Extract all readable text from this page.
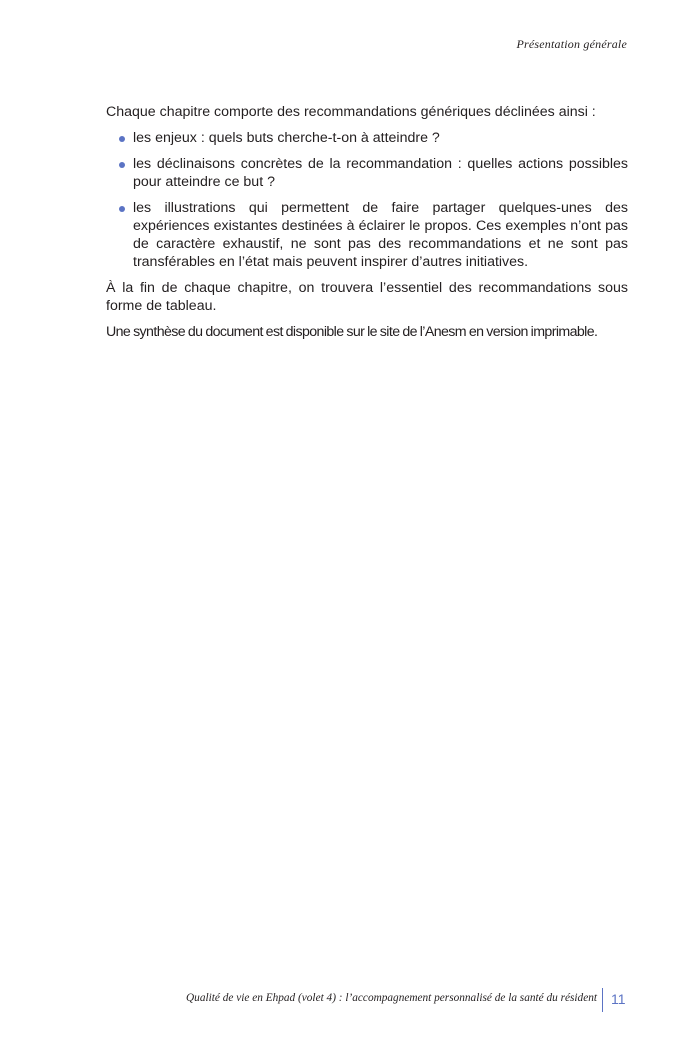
Présentation générale

Chaque chapitre comporte des recommandations génériques déclinées ainsi :

les enjeux : quels buts cherche-t-on à atteindre ?
les déclinaisons concrètes de la recommandation : quelles actions possibles pour atteindre ce but ?
les illustrations qui permettent de faire partager quelques-unes des expériences existantes destinées à éclairer le propos. Ces exemples n’ont pas de caractère exhaustif, ne sont pas des recommandations et ne sont pas transférables en l’état mais peuvent inspirer d’autres initiatives.

À la fin de chaque chapitre, on trouvera l’essentiel des recommandations sous forme de tableau.

Une synthèse du document est disponible sur le site de l’Anesm en version imprimable.

Qualité de vie en Ehpad (volet 4) : l’accompagnement personnalisé de la santé du résident 11
